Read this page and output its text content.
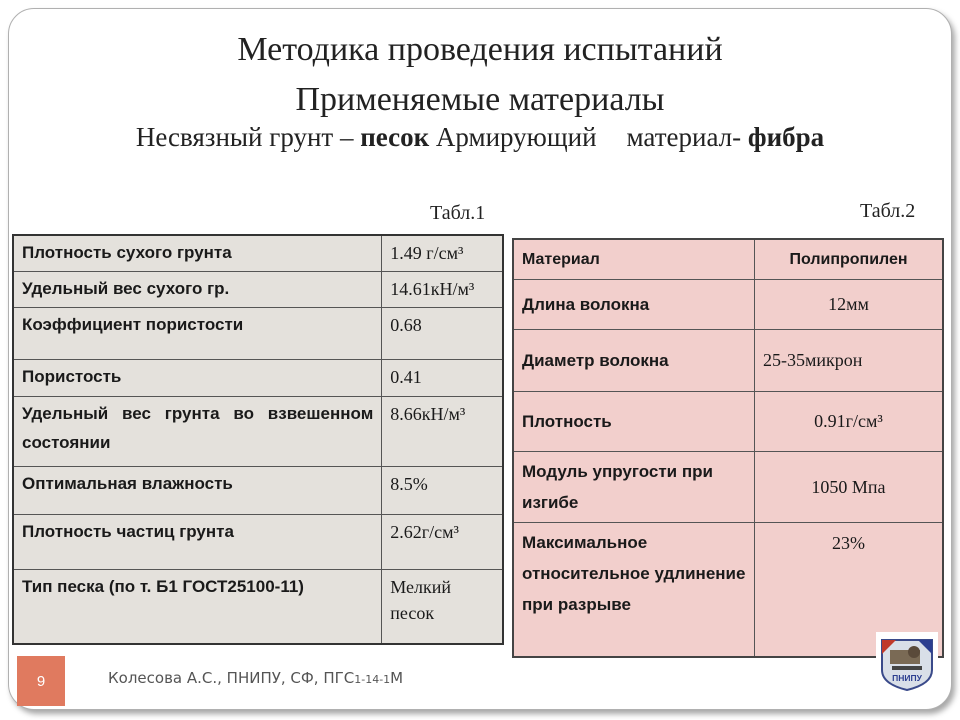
Методика проведения испытаний
Применяемые материалы
Несвязный грунт – песок Армирующий материал- фибра
Табл.1	Табл.2
Плотность сухого грунта	1.49 г/см³
Удельный вес сухого гр.	14.61кН/м³
Коэффициент пористости	0.68
Пористость	0.41
Удельный вес грунта во взвешенном состоянии	8.66кН/м³
Оптимальная влажность	8.5%
Плотность частиц грунта	2.62г/см³
Тип песка (по т. Б1 ГОСТ25100-11)	Мелкий песок
Материал	Полипропилен
Длина волокна	12мм
Диаметр волокна	25-35микрон
Плотность	0.91г/см³
Модуль упругости при изгибе	1050 Мпа
Максимальное относительное удлинение при разрыве	23%
9	Колесова А.С., ПНИПУ, СФ, ПГС1-14-1М	ПНИПУ
